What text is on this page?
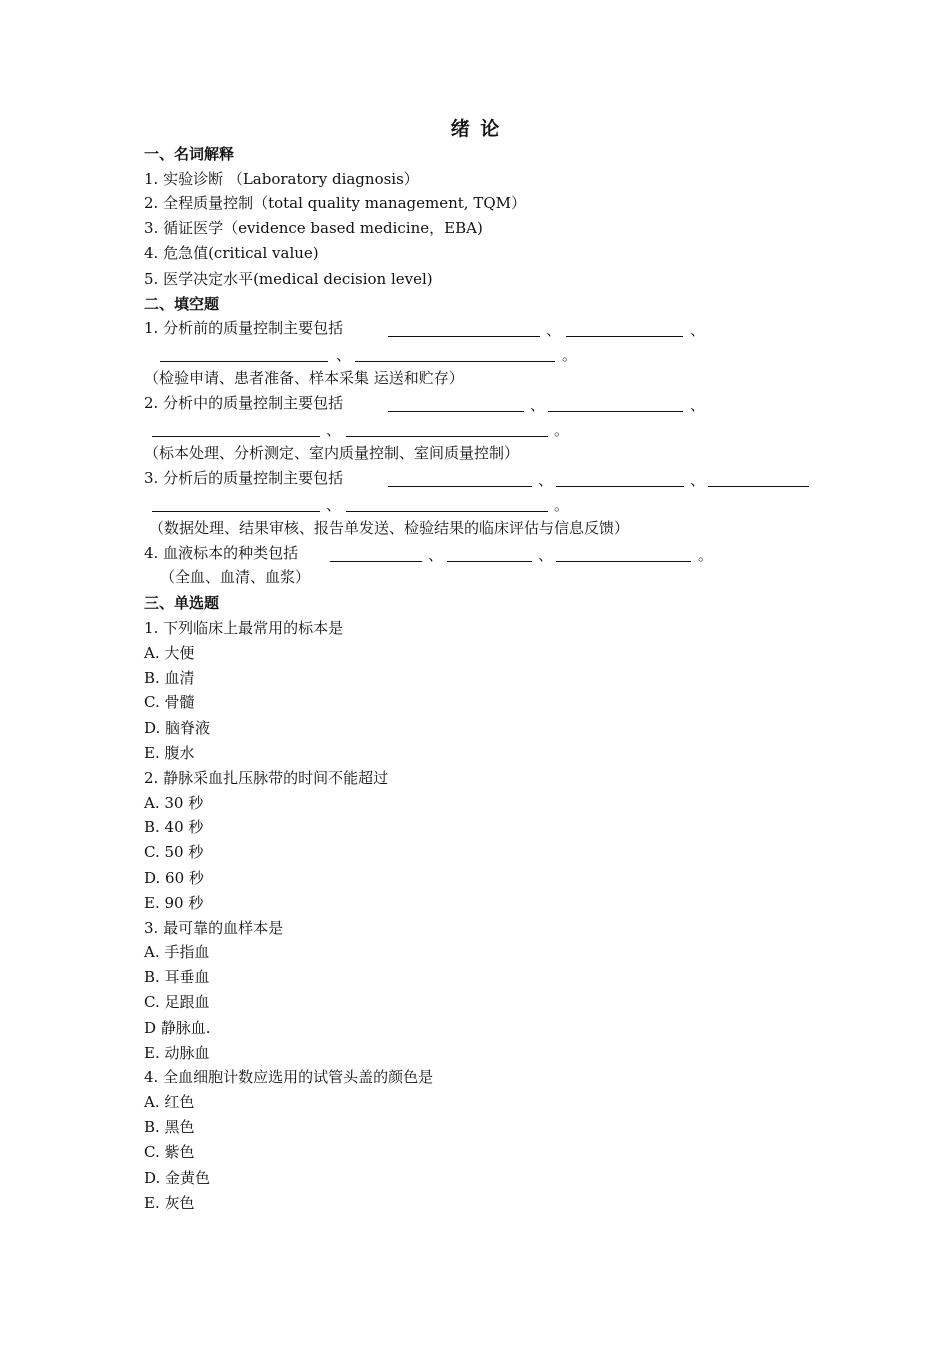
绪 论
一、名词解释
1. 实验诊断 （Laboratory diagnosis）
2. 全程质量控制（total quality management, TQM）
3. 循证医学（evidence based medicine，EBA)
4. 危急值(critical value)
5. 医学决定水平(medical decision level)
二、填空题
1. 分析前的质量控制主要包括	、	、
、	。
（检验申请、患者准备、样本采集 运送和贮存）
2. 分析中的质量控制主要包括	、	、
、	。
（标本处理、分析测定、室内质量控制、室间质量控制）
3. 分析后的质量控制主要包括	、	、
、	。
（数据处理、结果审核、报告单发送、检验结果的临床评估与信息反馈）
4. 血液标本的种类包括	、	、	。
（全血、血清、血浆）
三、单选题
1. 下列临床上最常用的标本是
A. 大便
B. 血清
C. 骨髓
D. 脑脊液
E. 腹水
2. 静脉采血扎压脉带的时间不能超过
A. 30 秒
B. 40 秒
C. 50 秒
D. 60 秒
E. 90 秒
3. 最可靠的血样本是
A. 手指血
B. 耳垂血
C. 足跟血
D 静脉血.
E. 动脉血
4. 全血细胞计数应选用的试管头盖的颜色是
A. 红色
B. 黑色
C. 紫色
D. 金黄色
E. 灰色
